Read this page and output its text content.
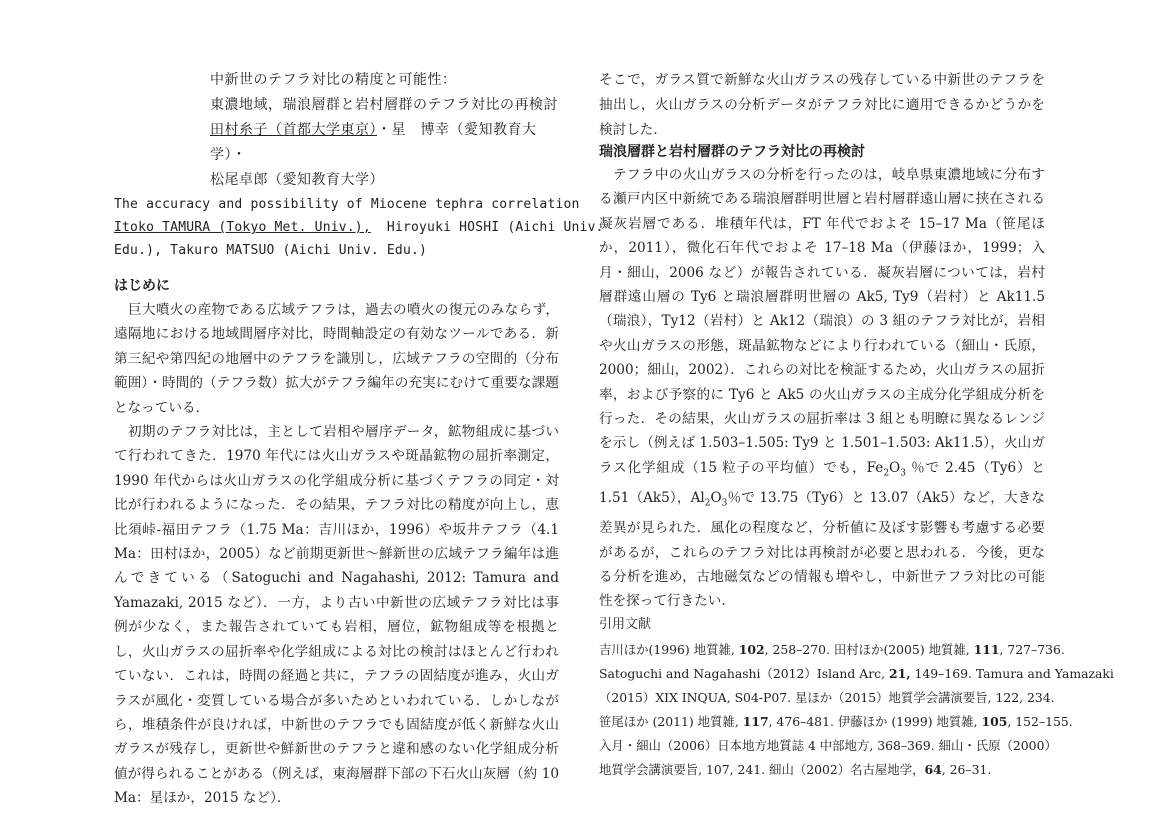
中新世のテフラ対比の精度と可能性：
東濃地域，瑞浪層群と岩村層群のテフラ対比の再検討
田村糸子（首都大学東京）・星　博幸（愛知教育大学）・
松尾卓郎（愛知教育大学）
The accuracy and possibility of Miocene tephra correlation
Itoko TAMURA (Tokyo Met. Univ.),  Hiroyuki HOSHI (Aichi Univ.
Edu.), Takuro MATSUO (Aichi Univ. Edu.)

はじめに

　巨大噴火の産物である広域テフラは，過去の噴火の復元のみならず，遠隔地における地域間層序対比，時間軸設定の有効なツールである．新第三紀や第四紀の地層中のテフラを識別し，広域テフラの空間的（分布範囲）・時間的（テフラ数）拡大がテフラ編年の充実にむけて重要な課題となっている．

　初期のテフラ対比は，主として岩相や層序データ，鉱物組成に基づいて行われてきた．1970 年代には火山ガラスや斑晶鉱物の屈折率測定，1990 年代からは火山ガラスの化学組成分析に基づくテフラの同定・対比が行われるようになった．その結果，テフラ対比の精度が向上し，恵比須峠-福田テフラ（1.75 Ma：吉川ほか，1996）や坂井テフラ（4.1 Ma：田村ほか，2005）など前期更新世〜鮮新世の広域テフラ編年は進んできている（Satoguchi and Nagahashi, 2012: Tamura and Yamazaki, 2015 など）．一方，より古い中新世の広域テフラ対比は事例が少なく，また報告されていても岩相，層位，鉱物組成等を根拠とし，火山ガラスの屈折率や化学組成による対比の検討はほとんど行われていない．これは，時間の経過と共に，テフラの固結度が進み，火山ガラスが風化・変質している場合が多いためといわれている．しかしながら，堆積条件が良ければ，中新世のテフラでも固結度が低く新鮮な火山ガラスが残存し，更新世や鮮新世のテフラと違和感のない化学組成分析値が得られることがある（例えば，東海層群下部の下石火山灰層（約 10 Ma：星ほか，2015 など）．

そこで，ガラス質で新鮮な火山ガラスの残存している中新世のテフラを抽出し，火山ガラスの分析データがテフラ対比に適用できるかどうかを検討した．

瑞浪層群と岩村層群のテフラ対比の再検討

　テフラ中の火山ガラスの分析を行ったのは，岐阜県東濃地域に分布する瀬戸内区中新統である瑞浪層群明世層と岩村層群遠山層に挟在される凝灰岩層である．堆積年代は，FT 年代でおよそ 15–17 Ma（笹尾ほか，2011），微化石年代でおよそ 17–18 Ma（伊藤ほか，1999；入月・細山，2006 など）が報告されている．凝灰岩層については，岩村層群遠山層の Ty6 と瑞浪層群明世層の Ak5, Ty9（岩村）と Ak11.5（瑞浪），Ty12（岩村）と Ak12（瑞浪）の 3 組のテフラ対比が，岩相や火山ガラスの形態，斑晶鉱物などにより行われている（細山・氏原，2000；細山，2002）．これらの対比を検証するため，火山ガラスの屈折率，および予察的に Ty6 と Ak5 の火山ガラスの主成分化学組成分析を行った．その結果，火山ガラスの屈折率は 3 組とも明瞭に異なるレンジを示し（例えば 1.503–1.505: Ty9 と 1.501–1.503: Ak11.5），火山ガラス化学組成（15 粒子の平均値）でも，$Fe_2O_3$ ％で 2.45（Ty6）と 1.51（Ak5），$Al_2O_3$％で 13.75（Ty6）と 13.07（Ak5）など，大きな差異が見られた．風化の程度など，分析値に及ぼす影響も考慮する必要があるが，これらのテフラ対比は再検討が必要と思われる．今後，更なる分析を進め，古地磁気などの情報も増やし，中新世テフラ対比の可能性を探って行きたい．

引用文献

吉川ほか(1996) 地質雑, 102, 258–270. 田村ほか(2005) 地質雑, 111, 727–736.

Satoguchi and Nagahashi（2012）Island Arc, 21, 149–169. Tamura and Yamazaki

（2015）XIX INQUA, S04-P07. 星ほか（2015）地質学会講演要旨, 122, 234.

笹尾ほか (2011) 地質雑, 117, 476–481. 伊藤ほか (1999) 地質雑, 105, 152–155.

入月・細山（2006）日本地方地質誌 4 中部地方, 368–369. 細山・氏原（2000）

地質学会講演要旨, 107, 241. 細山（2002）名古屋地学，64, 26–31.
